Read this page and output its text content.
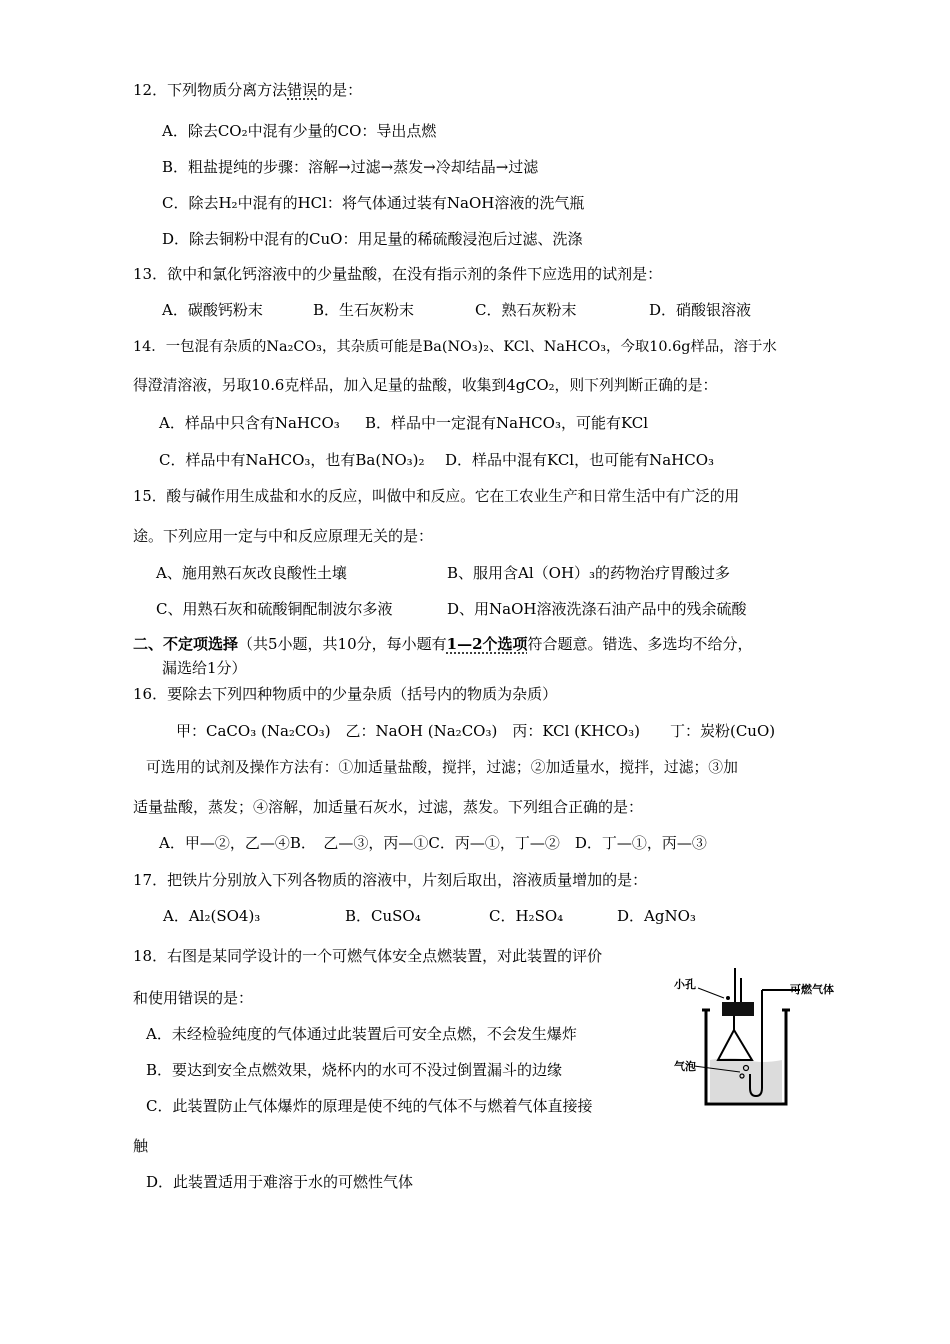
12．下列物质分离方法错误的是：
A．除去CO₂中混有少量的CO：导出点燃
B．粗盐提纯的步骤：溶解→过滤→蒸发→冷却结晶→过滤
C．除去H₂中混有的HCl：将气体通过装有NaOH溶液的洗气瓶
D．除去铜粉中混有的CuO：用足量的稀硫酸浸泡后过滤、洗涤
13．欲中和氯化钙溶液中的少量盐酸，在没有指示剂的条件下应选用的试剂是：
A．碳酸钙粉末	B．生石灰粉末	C．熟石灰粉末	D．硝酸银溶液
14．一包混有杂质的Na₂CO₃，其杂质可能是Ba(NO₃)₂、KCl、NaHCO₃，今取10.6g样品，溶于水
得澄清溶液，另取10.6克样品，加入足量的盐酸，收集到4gCO₂，则下列判断正确的是：
A．样品中只含有NaHCO₃ B．样品中一定混有NaHCO₃，可能有KCl
C．样品中有NaHCO₃，也有Ba(NO₃)₂ D．样品中混有KCl，也可能有NaHCO₃
15．酸与碱作用生成盐和水的反应，叫做中和反应。它在工农业生产和日常生活中有广泛的用
途。下列应用一定与中和反应原理无关的是：
A、施用熟石灰改良酸性土壤	B、服用含Al（OH）₃的药物治疗胃酸过多
C、用熟石灰和硫酸铜配制波尔多液	D、用NaOH溶液洗涤石油产品中的残余硫酸
二、不定项选择（共5小题，共10分，每小题有1—2个选项符合题意。错选、多选均不给分，
漏选给1分）
16．要除去下列四种物质中的少量杂质（括号内的物质为杂质）
甲：CaCO₃ (Na₂CO₃)　乙：NaOH (Na₂CO₃)　丙：KCl (KHCO₃)　　丁：炭粉(CuO)
可选用的试剂及操作方法有：①加适量盐酸，搅拌，过滤；②加适量水，搅拌，过滤；③加
适量盐酸，蒸发；④溶解，加适量石灰水，过滤，蒸发。下列组合正确的是：
A．甲—②，乙—④B．　乙—③，丙—①C．丙—①，丁—②　D．丁—①，丙—③
17．把铁片分别放入下列各物质的溶液中，片刻后取出，溶液质量增加的是：
A．Al₂(SO4)₃	B．CuSO₄	C．H₂SO₄	D．AgNO₃
18．右图是某同学设计的一个可燃气体安全点燃装置，对此装置的评价
和使用错误的是：
A．未经检验纯度的气体通过此装置后可安全点燃，不会发生爆炸
B．要达到安全点燃效果，烧杯内的水可不没过倒置漏斗的边缘
C．此装置防止气体爆炸的原理是使不纯的气体不与燃着气体直接接
触
D．此装置适用于难溶于水的可燃性气体
小孔	可燃气体
气泡
